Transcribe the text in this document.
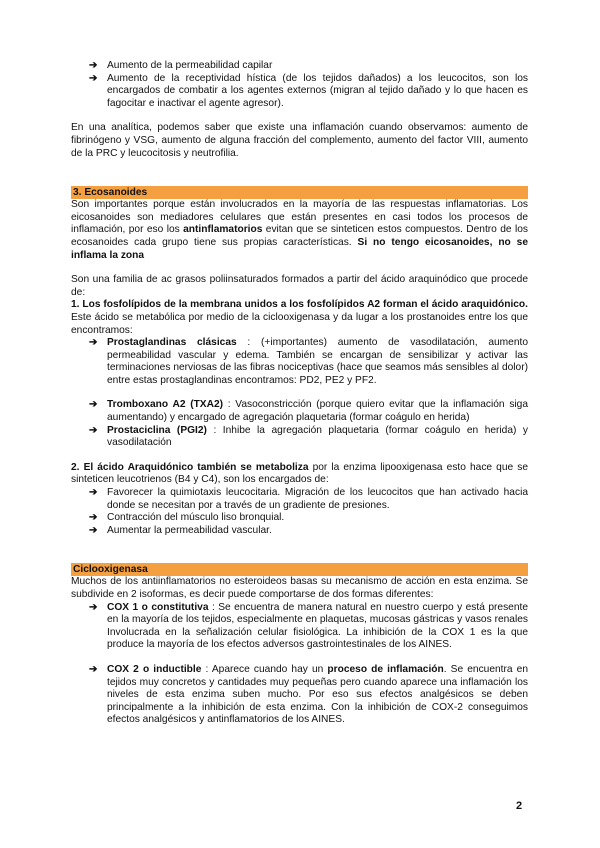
➔ Aumento de la permeabilidad capilar
➔ Aumento de la receptividad hística (de los tejidos dañados) a los leucocitos, son los encargados de combatir a los agentes externos (migran al tejido dañado y lo que hacen es fagocitar e inactivar el agente agresor).

En una analítica, podemos saber que existe una inflamación cuando observamos: aumento de fibrinógeno y VSG, aumento de alguna fracción del complemento, aumento del factor VIII, aumento de la PRC y leucocitosis y neutrofilia.

3. Ecosanoides

Son importantes porque están involucrados en la mayoría de las respuestas inflamatorias. Los eicosanoides son mediadores celulares que están presentes en casi todos los procesos de inflamación, por eso los antinflamatorios evitan que se sinteticen estos compuestos. Dentro de los ecosanoides cada grupo tiene sus propias características. Si no tengo eicosanoides, no se inflama la zona

Son una familia de ac grasos poliinsaturados formados a partir del ácido araquinódico que procede de:

1. Los fosfolípidos de la membrana unidos a los fosfolípidos A2 forman el ácido araquidónico. Este ácido se metabólica por medio de la ciclooxigenasa y da lugar a los prostanoides entre los que encontramos:

➔ Prostaglandinas clásicas : (+importantes) aumento de vasodilatación, aumento permeabilidad vascular y edema. También se encargan de sensibilizar y activar las terminaciones nerviosas de las fibras nociceptivas (hace que seamos más sensibles al dolor) entre estas prostaglandinas encontramos: PD2, PE2 y PF2.
➔ Tromboxano A2 (TXA2) : Vasoconstricción (porque quiero evitar que la inflamación siga aumentando) y encargado de agregación plaquetaria (formar coágulo en herida)
➔ Prostaciclina (PGI2) : Inhibe la agregación plaquetaria (formar coágulo en herida) y vasodilatación

2. El ácido Araquidónico también se metaboliza por la enzima lipooxigenasa esto hace que se sinteticen leucotrienos (B4 y C4), son los encargados de:

➔ Favorecer la quimiotaxis leucocitaria. Migración de los leucocitos que han activado hacia donde se necesitan por a través de un gradiente de presiones.
➔ Contracción del músculo liso bronquial.
➔ Aumentar la permeabilidad vascular.
Ciclooxigenasa

Muchos de los antiinflamatorios no esteroideos basas su mecanismo de acción en esta enzima. Se subdivide en 2 isoformas, es decir puede comportarse de dos formas diferentes:

➔ COX 1 o constitutiva : Se encuentra de manera natural en nuestro cuerpo y está presente en la mayoría de los tejidos, especialmente en plaquetas, mucosas gástricas y vasos renales Involucrada en la señalización celular fisiológica. La inhibición de la COX 1 es la que produce la mayoría de los efectos adversos gastrointestinales de los AINES.
➔ COX 2 o inductible : Aparece cuando hay un proceso de inflamación. Se encuentra en tejidos muy concretos y cantidades muy pequeñas pero cuando aparece una inflamación los niveles de esta enzima suben mucho. Por eso sus efectos analgésicos se deben principalmente a la inhibición de esta enzima. Con la inhibición de COX-2 conseguimos efectos analgésicos y antinflamatorios de los AINES.
2
